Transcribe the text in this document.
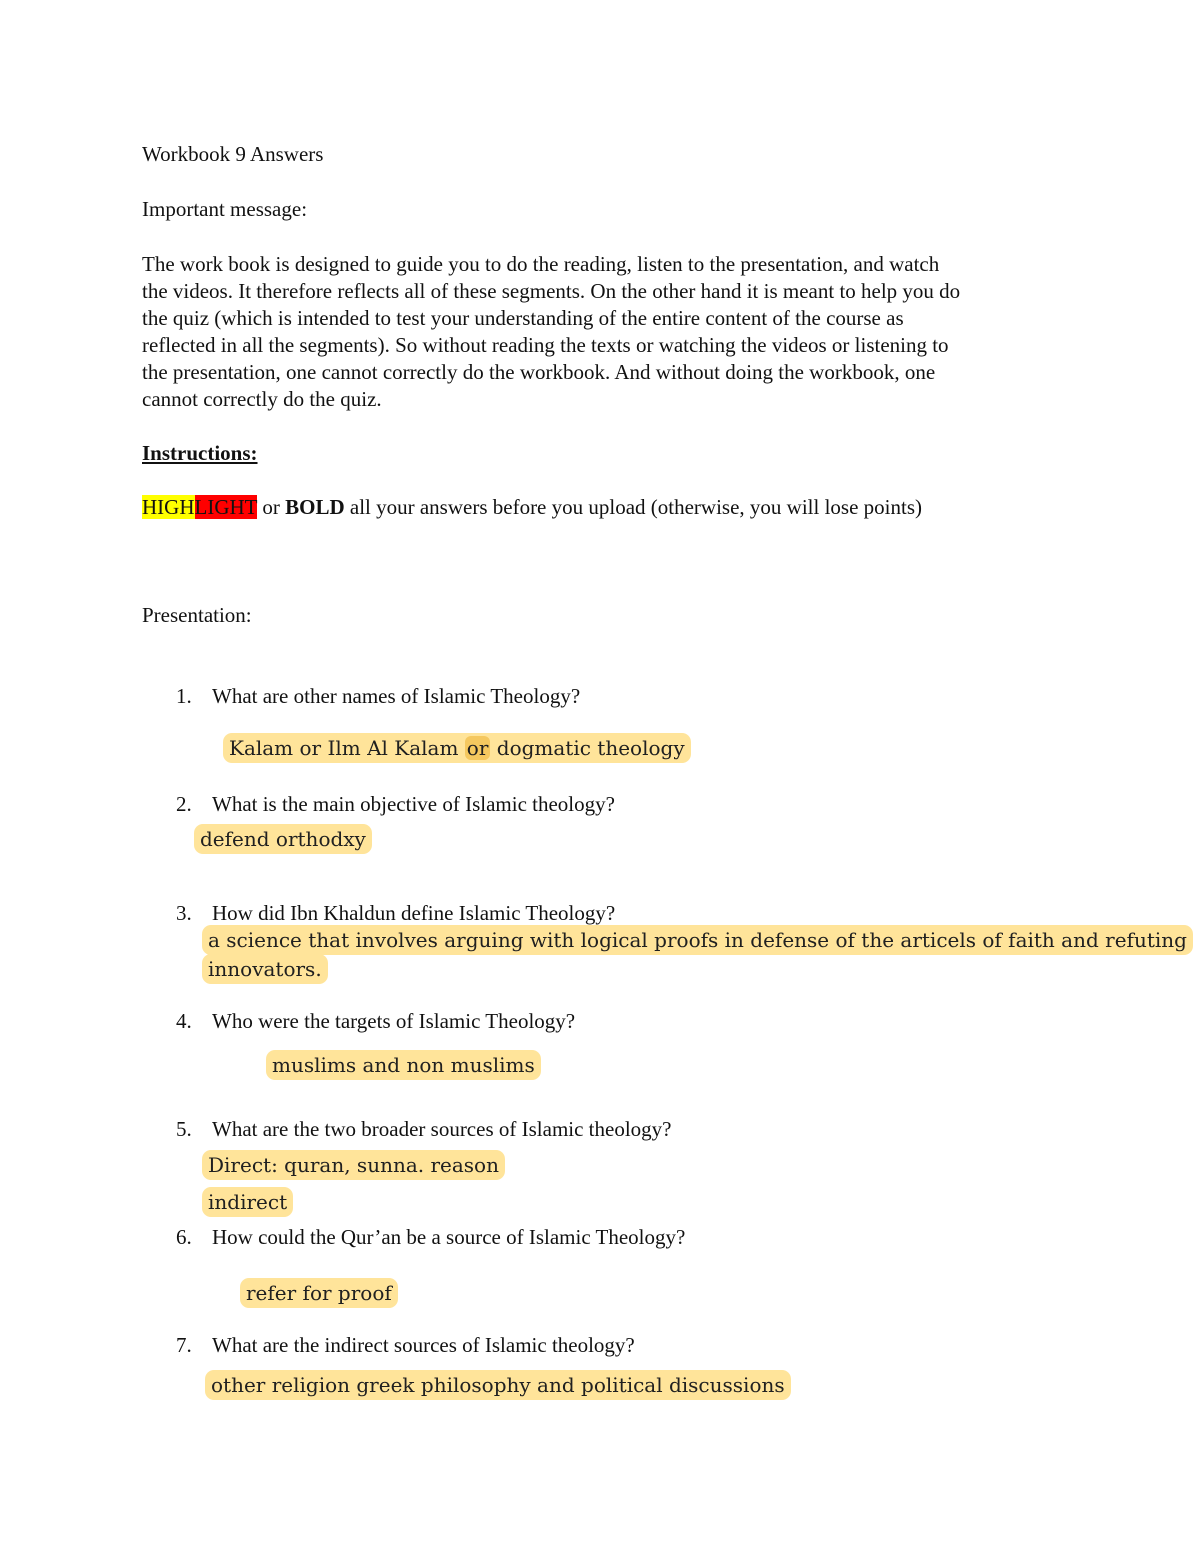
Workbook 9 Answers
Important message:
The work book is designed to guide you to do the reading, listen to the presentation, and watch
the videos. It therefore reflects all of these segments. On the other hand it is meant to help you do
the quiz (which is intended to test your understanding of the entire content of the course as
reflected in all the segments). So without reading the texts or watching the videos or listening to
the presentation, one cannot correctly do the workbook. And without doing the workbook, one
cannot correctly do the quiz.
Instructions:
HIGHLIGHT or BOLD all your answers before you upload (otherwise, you will lose points)
Presentation:
1. What are other names of Islamic Theology?
Kalam or Ilm Al Kalam or dogmatic theology
2. What is the main objective of Islamic theology?
defend orthodxy
3. How did Ibn Khaldun define Islamic Theology?
a science that involves arguing with logical proofs in defense of the articels of faith and refuting
innovators.
4. Who were the targets of Islamic Theology?
muslims and non muslims
5. What are the two broader sources of Islamic theology?
Direct: quran, sunna. reason
indirect
6. How could the Qur’an be a source of Islamic Theology?
refer for proof
7. What are the indirect sources of Islamic theology?
other religion greek philosophy and political discussions
